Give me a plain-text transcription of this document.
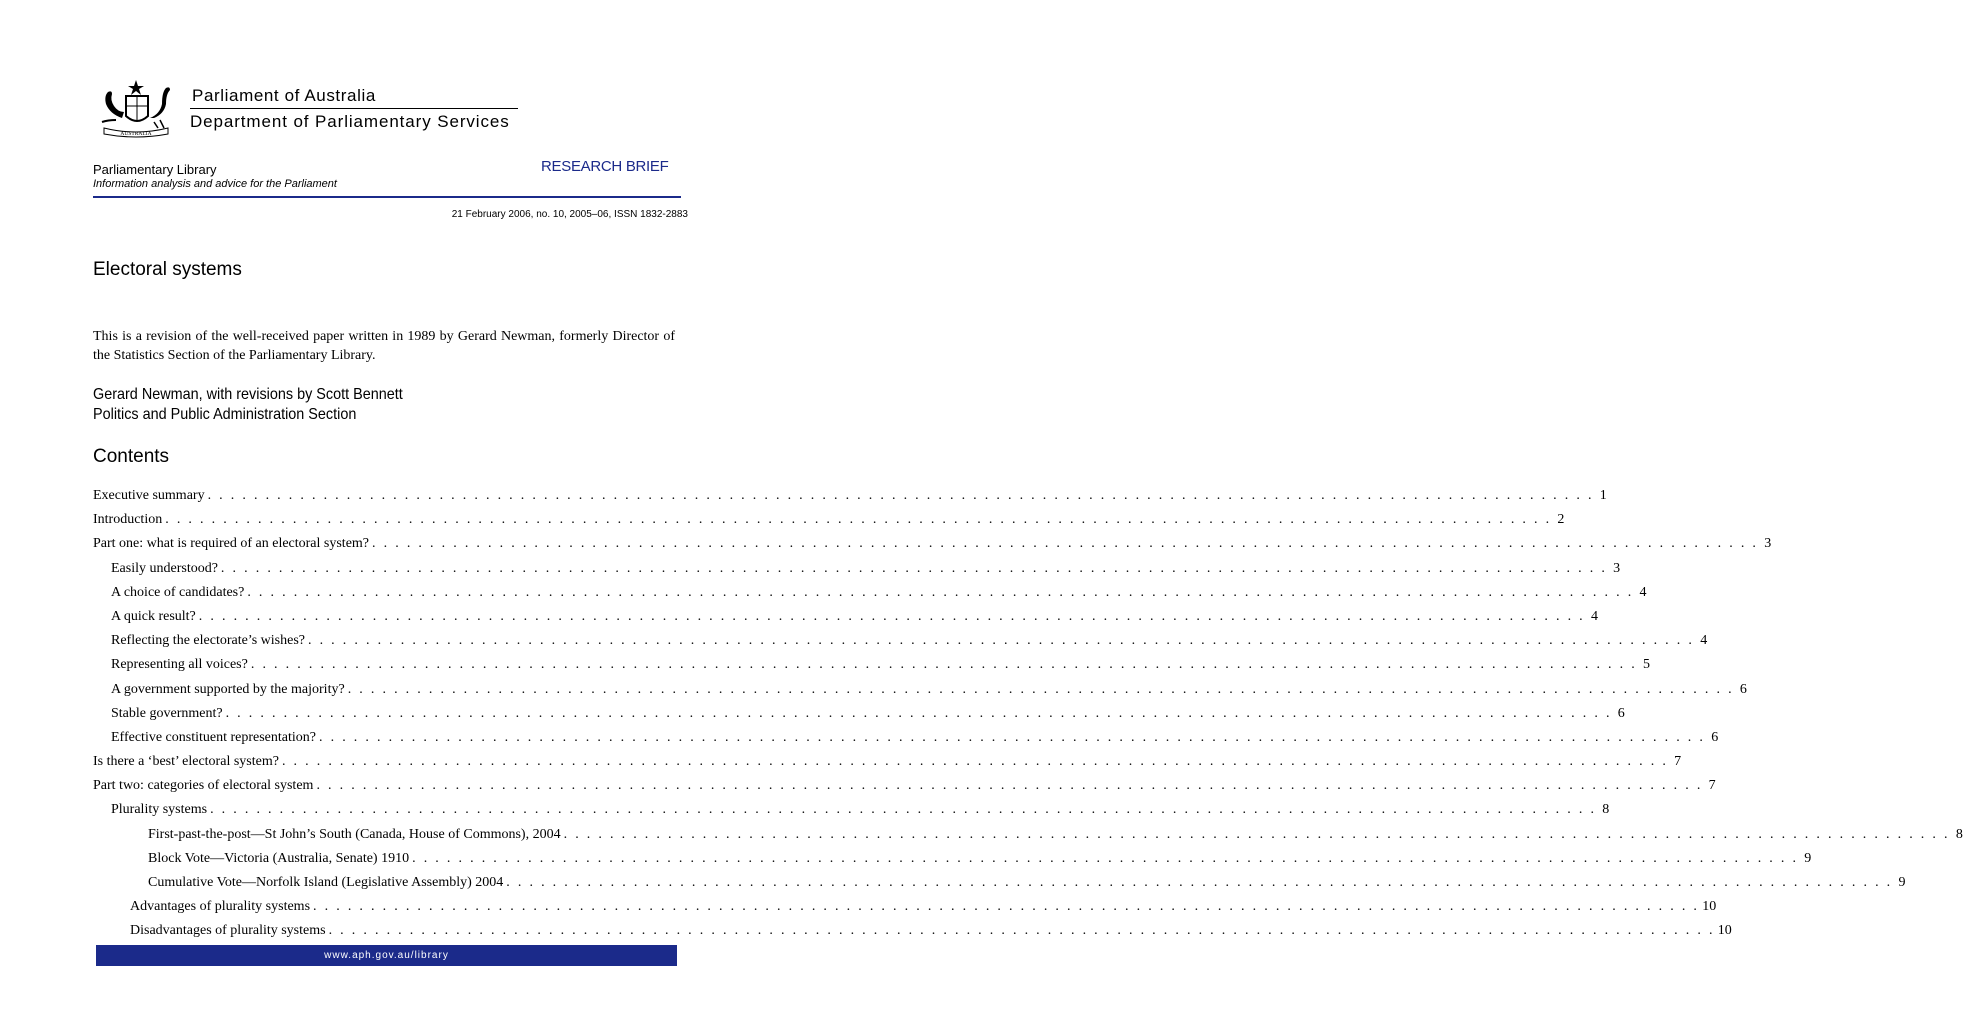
AUSTRALIA
Parliament of Australia
Department of Parliamentary Services
Parliamentary Library
Information analysis and advice for the Parliament
RESEARCH BRIEF
21 February 2006, no. 10, 2005–06, ISSN 1832-2883
Electoral systems
This is a revision of the well-received paper written in 1989 by Gerard Newman, formerly Director of the Statistics Section of the Parliamentary Library.
Gerard Newman, with revisions by Scott Bennett
Politics and Public Administration Section
Contents
Executive summary . . . . . . . . . . . . . . . . . . . . . . . . . . . . . . . . . . . . . . . . . . . . . . . . . . . . . . . . . . . . . . . . . . . . . . . . . . . . . . . . . . . . . . . . . . . . . . . . . . . . . . . . . . . . . . . . . . . . . . . . 1
Introduction . . . . . . . . . . . . . . . . . . . . . . . . . . . . . . . . . . . . . . . . . . . . . . . . . . . . . . . . . . . . . . . . . . . . . . . . . . . . . . . . . . . . . . . . . . . . . . . . . . . . . . . . . . . . . . . . . . . . . . . . 2
Part one: what is required of an electoral system? . . . . . . . . . . . . . . . . . . . . . . . . . . . . . . . . . . . . . . . . . . . . . . . . . . . . . . . . . . . . . . . . . . . . . . . . . . . . . . . . . . . . . . . . . . . . . . . . . . . . . . . . . . . . . . . . . . . . . . . . 3
Easily understood? . . . . . . . . . . . . . . . . . . . . . . . . . . . . . . . . . . . . . . . . . . . . . . . . . . . . . . . . . . . . . . . . . . . . . . . . . . . . . . . . . . . . . . . . . . . . . . . . . . . . . . . . . . . . . . . . . . . . . . . . 3
A choice of candidates? . . . . . . . . . . . . . . . . . . . . . . . . . . . . . . . . . . . . . . . . . . . . . . . . . . . . . . . . . . . . . . . . . . . . . . . . . . . . . . . . . . . . . . . . . . . . . . . . . . . . . . . . . . . . . . . . . . . . . . . . 4
A quick result? . . . . . . . . . . . . . . . . . . . . . . . . . . . . . . . . . . . . . . . . . . . . . . . . . . . . . . . . . . . . . . . . . . . . . . . . . . . . . . . . . . . . . . . . . . . . . . . . . . . . . . . . . . . . . . . . . . . . . . . . 4
Reflecting the electorate’s wishes? . . . . . . . . . . . . . . . . . . . . . . . . . . . . . . . . . . . . . . . . . . . . . . . . . . . . . . . . . . . . . . . . . . . . . . . . . . . . . . . . . . . . . . . . . . . . . . . . . . . . . . . . . . . . . . . . . . . . . . . . 4
Representing all voices? . . . . . . . . . . . . . . . . . . . . . . . . . . . . . . . . . . . . . . . . . . . . . . . . . . . . . . . . . . . . . . . . . . . . . . . . . . . . . . . . . . . . . . . . . . . . . . . . . . . . . . . . . . . . . . . . . . . . . . . . 5
A government supported by the majority? . . . . . . . . . . . . . . . . . . . . . . . . . . . . . . . . . . . . . . . . . . . . . . . . . . . . . . . . . . . . . . . . . . . . . . . . . . . . . . . . . . . . . . . . . . . . . . . . . . . . . . . . . . . . . . . . . . . . . . . . 6
Stable government? . . . . . . . . . . . . . . . . . . . . . . . . . . . . . . . . . . . . . . . . . . . . . . . . . . . . . . . . . . . . . . . . . . . . . . . . . . . . . . . . . . . . . . . . . . . . . . . . . . . . . . . . . . . . . . . . . . . . . . . . 6
Effective constituent representation? . . . . . . . . . . . . . . . . . . . . . . . . . . . . . . . . . . . . . . . . . . . . . . . . . . . . . . . . . . . . . . . . . . . . . . . . . . . . . . . . . . . . . . . . . . . . . . . . . . . . . . . . . . . . . . . . . . . . . . . . 6
Is there a ‘best’ electoral system? . . . . . . . . . . . . . . . . . . . . . . . . . . . . . . . . . . . . . . . . . . . . . . . . . . . . . . . . . . . . . . . . . . . . . . . . . . . . . . . . . . . . . . . . . . . . . . . . . . . . . . . . . . . . . . . . . . . . . . . . 7
Part two: categories of electoral system . . . . . . . . . . . . . . . . . . . . . . . . . . . . . . . . . . . . . . . . . . . . . . . . . . . . . . . . . . . . . . . . . . . . . . . . . . . . . . . . . . . . . . . . . . . . . . . . . . . . . . . . . . . . . . . . . . . . . . . . 7
Plurality systems . . . . . . . . . . . . . . . . . . . . . . . . . . . . . . . . . . . . . . . . . . . . . . . . . . . . . . . . . . . . . . . . . . . . . . . . . . . . . . . . . . . . . . . . . . . . . . . . . . . . . . . . . . . . . . . . . . . . . . . . 8
First-past-the-post—St John’s South (Canada, House of Commons), 2004 . . . . . . . . . . . . . . . . . . . . . . . . . . . . . . . . . . . . . . . . . . . . . . . . . . . . . . . . . . . . . . . . . . . . . . . . . . . . . . . . . . . . . . . . . . . . . . . . . . . . . . . . . . . . . . . . . . . . . . . . 8
Block Vote—Victoria (Australia, Senate) 1910 . . . . . . . . . . . . . . . . . . . . . . . . . . . . . . . . . . . . . . . . . . . . . . . . . . . . . . . . . . . . . . . . . . . . . . . . . . . . . . . . . . . . . . . . . . . . . . . . . . . . . . . . . . . . . . . . . . . . . . . . 9
Cumulative Vote—Norfolk Island (Legislative Assembly) 2004 . . . . . . . . . . . . . . . . . . . . . . . . . . . . . . . . . . . . . . . . . . . . . . . . . . . . . . . . . . . . . . . . . . . . . . . . . . . . . . . . . . . . . . . . . . . . . . . . . . . . . . . . . . . . . . . . . . . . . . . . 9
Advantages of plurality systems . . . . . . . . . . . . . . . . . . . . . . . . . . . . . . . . . . . . . . . . . . . . . . . . . . . . . . . . . . . . . . . . . . . . . . . . . . . . . . . . . . . . . . . . . . . . . . . . . . . . . . . . . . . . . . . . . . . . . . . . 10
Disadvantages of plurality systems . . . . . . . . . . . . . . . . . . . . . . . . . . . . . . . . . . . . . . . . . . . . . . . . . . . . . . . . . . . . . . . . . . . . . . . . . . . . . . . . . . . . . . . . . . . . . . . . . . . . . . . . . . . . . . . . . . . . . . . . 10
www.aph.gov.au/library
